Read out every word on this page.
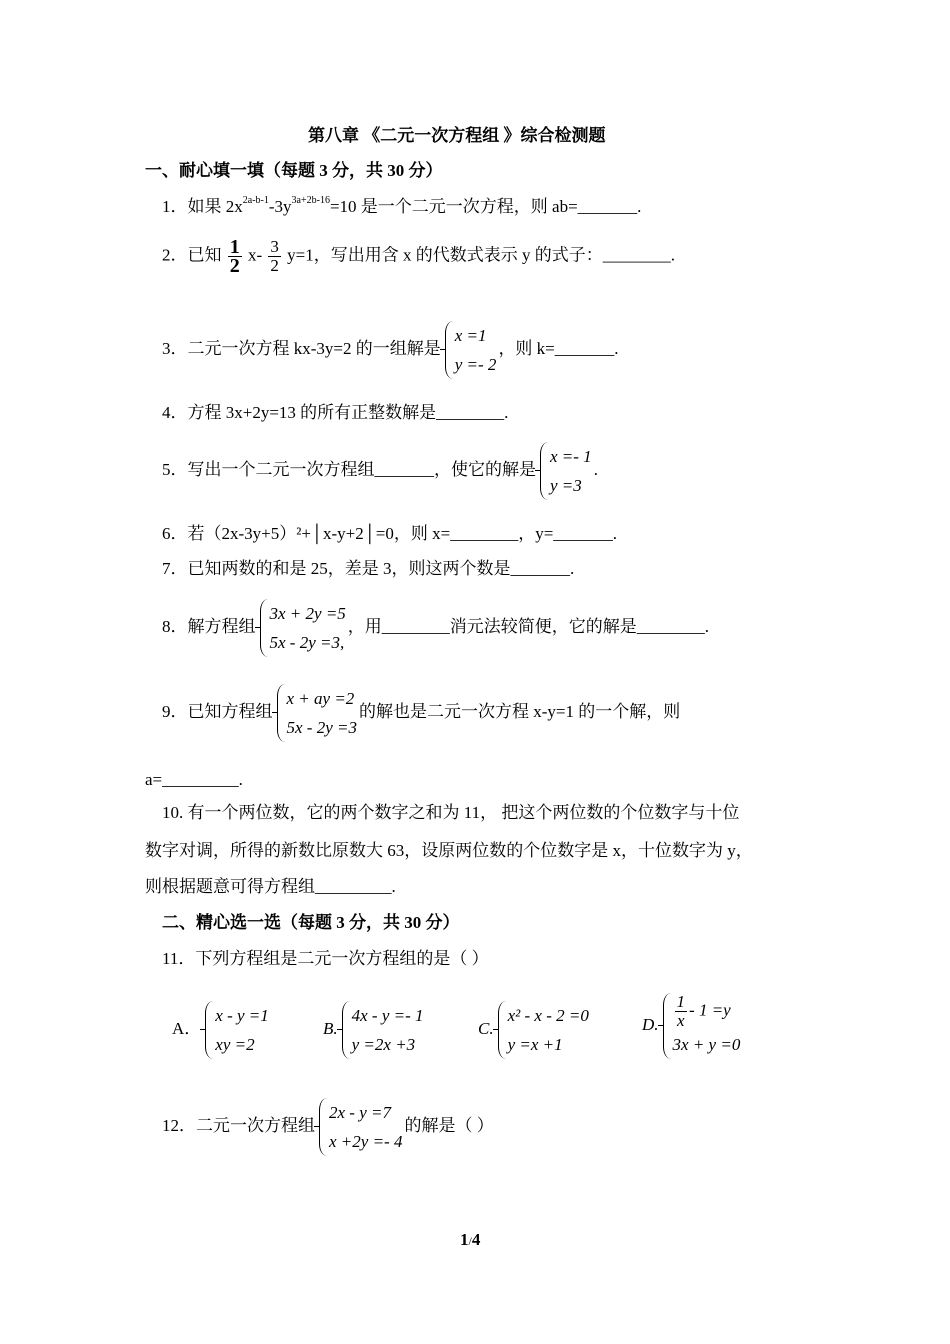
第八章 《二元一次方程组 》综合检测题
一、耐心填一填（每题 3 分，共 30 分）
1．如果 $2x^{2a-b-1}-3y^{3a+2b-16}=10$ 是一个二元一次方程，则 ab=_______.
2．已知 $\frac{1}{2} x- \frac{3}{2} y=1$，写出用含 x 的代数式表示 y 的式子：________.
3．二元一次方程 kx-3y=2 的一组解是
x =1
y =- 2
，则 k=_______.
4．方程 3x+2y=13 的所有正整数解是________.
5．写出一个二元一次方程组_______，使它的解是
x =- 1
y =3
.
6．若（2x-3y+5）²+│x-y+2│=0，则 x=________，y=_______.
7．已知两数的和是 25，差是 3，则这两个数是_______.
8．解方程组
3x + 2y =5
5x - 2y =3,
，用________消元法较简便，它的解是________.
9．已知方程组
x + ay =2
5x - 2y =3
的解也是二元一次方程 x-y=1 的一个解，则
a=_________.
10. 有一个两位数，它的两个数字之和为 11， 把这个两位数的个位数字与十位
数字对调，所得的新数比原数大 63，设原两位数的个位数字是 x，十位数字为 y，
则根据题意可得方程组_________.
二、精心选一选（每题 3 分，共 30 分）
11．下列方程组是二元一次方程组的是（ ）
A．
x - y =1
xy =2
B.
4x - y =- 1
y =2x +3
C.
x² - x - 2 =0
y =x +1
D. $\frac{1}{x} - 1 =y$
3x + y =0
12．二元一次方程组
2x - y =7
x +2y =- 4
的解是（ ）
1/4
